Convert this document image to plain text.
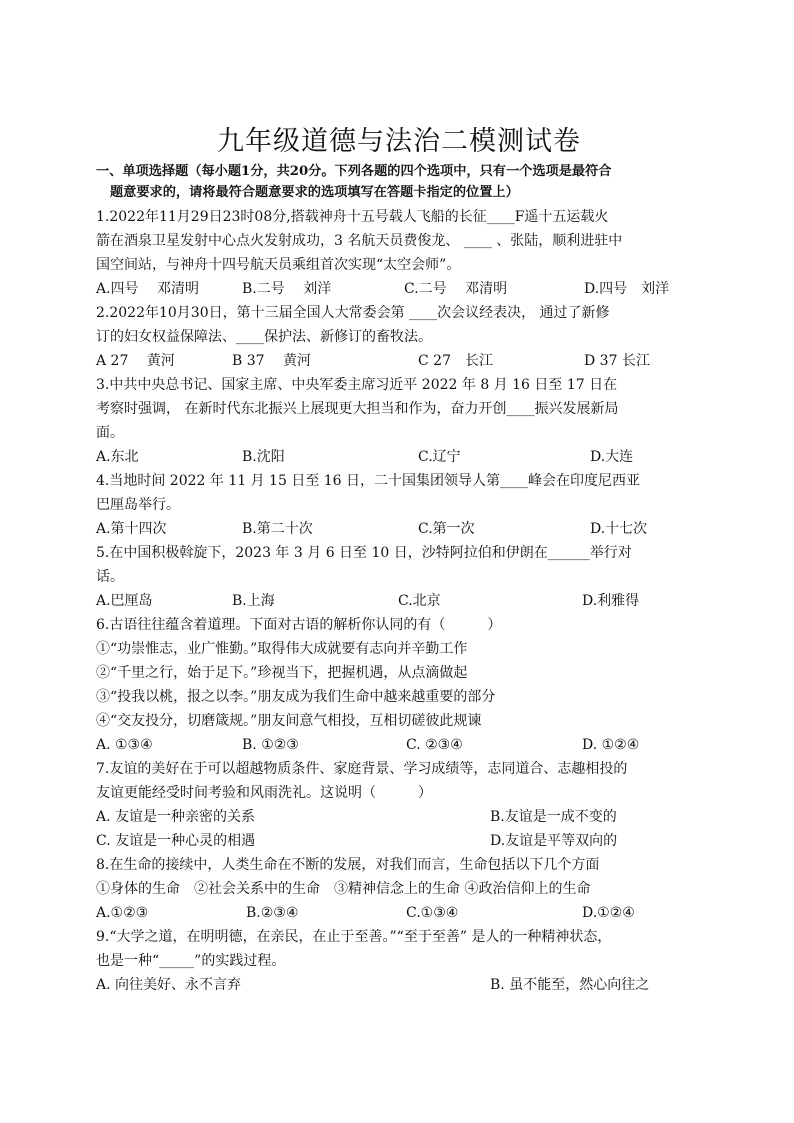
九年级道德与法治二模测试卷
一、单项选择题（每小题1分，共20分。下列各题的四个选项中，只有一个选项是最符合
题意要求的，请将最符合题意要求的选项填写在答题卡指定的位置上）
1.2022年11月29日23时08分,搭载神舟十五号载人飞船的长征____F遥十五运载火
箭在酒泉卫星发射中心点火发射成功，3 名航天员费俊龙、 ____ 、张陆，顺利进驻中
国空间站，与神舟十四号航天员乘组首次实现“太空会师”。
A.四号　 邓清明	B.二号　 刘洋	C.二号　 邓清明	D.四号　刘洋
2.2022年10月30日，第十三届全国人大常委会第 ____次会议经表决， 通过了新修
订的妇女权益保障法、____保护法、新修订的畜牧法。
A 27　 黄河	B 37　 黄河	C 27　长江	D 37 长江
3.中共中央总书记、国家主席、中央军委主席习近平 2022 年 8 月 16 日至 17 日在
考察时强调， 在新时代东北振兴上展现更大担当和作为，奋力开创____振兴发展新局
面。
A.东北	B.沈阳	C.辽宁	D.大连
4.当地时间 2022 年 11 月 15 日至 16 日，二十国集团领导人第____峰会在印度尼西亚
巴厘岛举行。
A.第十四次	B.第二十次	C.第一次	D.十七次
5.在中国积极斡旋下，2023 年 3 月 6 日至 10 日，沙特阿拉伯和伊朗在______举行对
话。
A.巴厘岛	B.上海	C.北京	D.利雅得
6.古语往往蕴含着道理。下面对古语的解析你认同的有（　　　）
①“功崇惟志，业广惟勤。”取得伟大成就要有志向并辛勤工作
②“千里之行，始于足下。”珍视当下，把握机遇，从点滴做起
③“投我以桃，报之以李。”朋友成为我们生命中越来越重要的部分
④“交友投分，切磨箴规。”朋友间意气相投，互相切磋彼此规谏
A. ①③④	B. ①②③	C. ②③④	D. ①②④
7.友谊的美好在于可以超越物质条件、家庭背景、学习成绩等，志同道合、志趣相投的
友谊更能经受时间考验和风雨洗礼。这说明（　　　）
A. 友谊是一种亲密的关系	B.友谊是一成不变的
C. 友谊是一种心灵的相遇	D.友谊是平等双向的
8.在生命的接续中，人类生命在不断的发展，对我们而言，生命包括以下几个方面
①身体的生命　②社会关系中的生命　③精神信念上的生命 ④政治信仰上的生命
A.①②③	B.②③④	C.①③④	D.①②④
9.“大学之道，在明明德，在亲民，在止于至善。”“至于至善” 是人的一种精神状态，
也是一种“_____”的实践过程。
A. 向往美好、永不言弃	B. 虽不能至，然心向往之
